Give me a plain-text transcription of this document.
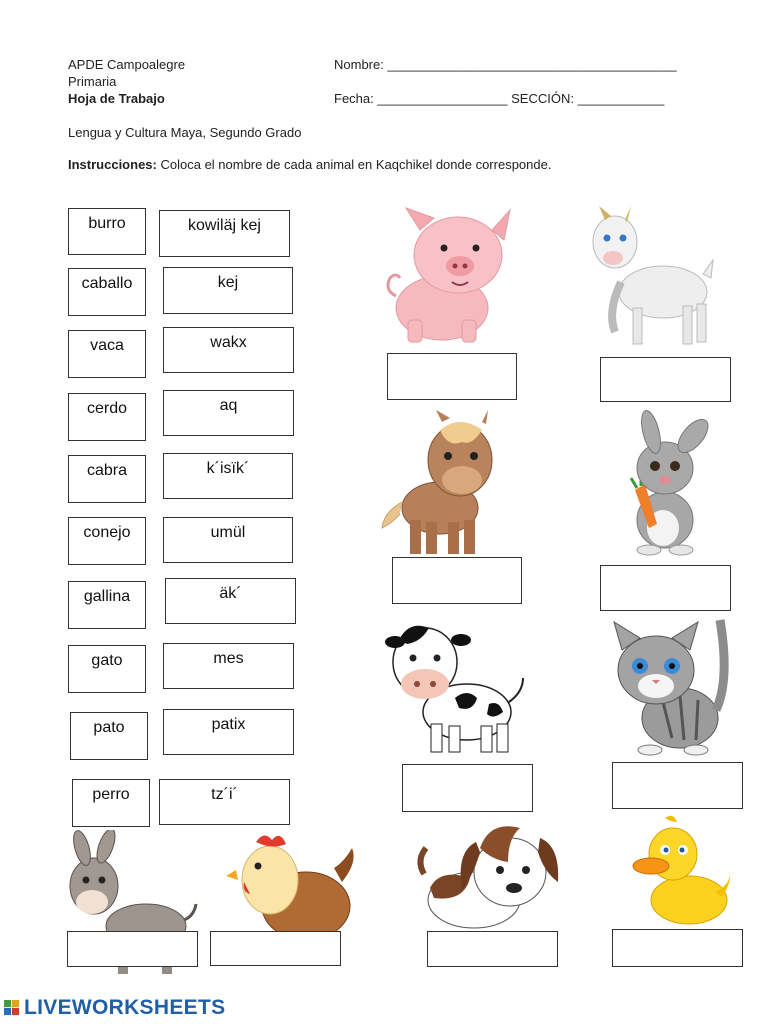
APDE Campoalegre
Primaria
Hoja de Trabajo
Nombre: ________________________________________
Fecha: __________________ SECCIÓN: ____________
Lengua y Cultura Maya, Segundo Grado
Instrucciones: Coloca el nombre de cada animal en Kaqchikel donde corresponde.
burro
caballo
vaca
cerdo
cabra
conejo
gallina
gato
pato
perro
kowiläj kej
kej
wakx
aq
k´isïk´
umül
äk´
mes
patix
tz´i´
LIVEWORKSHEETS
